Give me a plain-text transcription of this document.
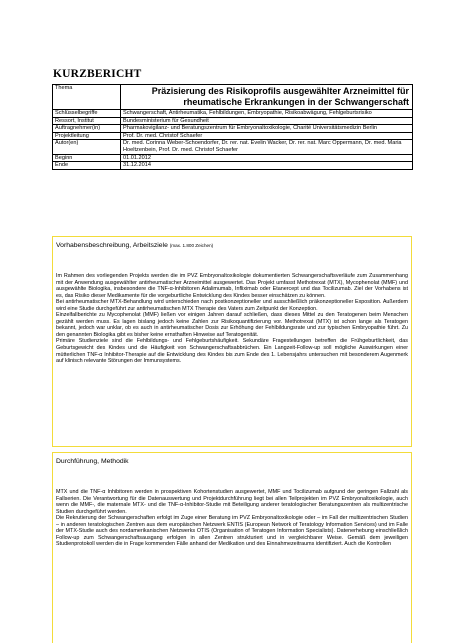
KURZBERICHT
Thema	Präzisierung des Risikoprofils ausgewählter Arzneimittel für rheumatische Erkrankungen in der Schwangerschaft
Schlüsselbegriffe	Schwangerschaft, Antirheumatika, Fehlbildungen, Embryopathie, Risikoabwägung, Fehlgeburtsrisiko
Ressort, Institut	Bundesministerium für Gesundheit
Auftragnehmer(in)	Pharmakovigilanz- und Beratungszentrum für Embryonaltoxikologie, Charité Universitätsmedizin Berlin
Projektleitung	Prof. Dr. med. Christof Schaefer
Autor(en)	Dr. med. Corinna Weber-Schoendorfer, Dr. rer. nat. Evelin Wacker, Dr. rer. nat. Marc Oppermann, Dr. med. Maria Hoeltzenbein, Prof. Dr. med. Christof Schaefer
Beginn	01.01.2012
Ende	31.12.2014
Vorhabensbeschreibung, Arbeitsziele (max. 1.800 Zeichen)

Im Rahmen des vorliegenden Projekts werden die im PVZ Embryonaltoxikologie dokumentierten Schwangerschaftsverläufe zum Zusammenhang mit der Anwendung ausgewählter antirheumatischer Arzneimittel ausgewertet. Das Projekt umfasst Methotrexat (MTX), Mycophenolat (MMF) und ausgewählte Biologika, insbesondere die TNF-α-Inhibitoren Adalimumab, Infliximab oder Etanercept und das Tocilizumab. Ziel der Vorhabens ist es, das Risiko dieser Medikamente für die vorgeburtliche Entwicklung des Kindes besser einschätzen zu können.

Bei antirheumatischer MTX-Behandlung wird unterschieden nach postkonzeptioneller und ausschließlich präkonzeptioneller Exposition. Außerdem wird eine Studie durchgeführt zur antirheumatischen MTX Therapie des Vaters zum Zeitpunkt der Konzeption.

Einzelfallberichte zu Mycophenolat (MMF) ließen vor einigen Jahren darauf schließen, dass dieses Mittel zu den Teratogenen beim Menschen gezählt werden muss. Es lagen bislang jedoch keine Zahlen zur Risikoquantifizierung vor. Methotrexat (MTX) ist schon lange als Teratogen bekannt, jedoch war unklar, ob es auch in antirheumatischer Dosis zur Erhöhung der Fehlbildungsrate und zur typischen Embryopathie führt. Zu den genannten Biologika gibt es bisher keine ernsthaften Hinweise auf Teratogenität.

Primäre Studienziele sind die Fehlbildungs- und Fehlgeburtshäufigkeit. Sekundäre Fragestellungen betreffen die Frühgeburtlichkeit, das Geburtsgewicht des Kindes und die Häufigkeit von Schwangerschaftsabbrüchen. Ein Langzeit-Follow-up soll mögliche Auswirkungen einer mütterlichen TNF-α Inhibitor-Therapie auf die Entwicklung des Kindes bis zum Ende des 1. Lebensjahrs untersuchen mit besonderem Augenmerk auf klinisch relevante Störungen der Immunsystems.

Durchführung, Methodik

MTX und die TNF-α Inhibitoren werden in prospektiven Kohortenstudien ausgewertet, MMF und Tocilizumab aufgrund der geringen Fallzahl als Fallserien. Die Verantwortung für die Datenauswertung und Projektdurchführung liegt bei allen Teilprojekten im PVZ Embryonaltoxikologie, auch wenn die MMF-, die maternale MTX- und die TNF-α-Inhibitor-Studie mit Beteiligung anderer teratologischer Beratungszentren als multizentrische Studien durchgeführt werden.

Die Rekrutierung der Schwangerschaften erfolgt im Zuge einer Beratung im PVZ Embryonaltoxikologie oder – im Fall der multizentrischen Studien – in anderen teratologischen Zentren aus dem europäischen Netzwerk ENTIS (European Network of Teratology Information Services) und im Falle der MTX-Studie auch des nordamerikanischen Netzwerks OTIS (Organisation of Teratogen Information Specialists). Datenerhebung einschließlich Follow-up zum Schwangerschaftsausgang erfolgen in allen Zentren strukturiert und in vergleichbarer Weise. Gemäß dem jeweiligen Studienprotokoll werden die in Frage kommenden Fälle anhand der Medikation und des Einnahmezeitraums identifiziert. Auch die Kontrollen
